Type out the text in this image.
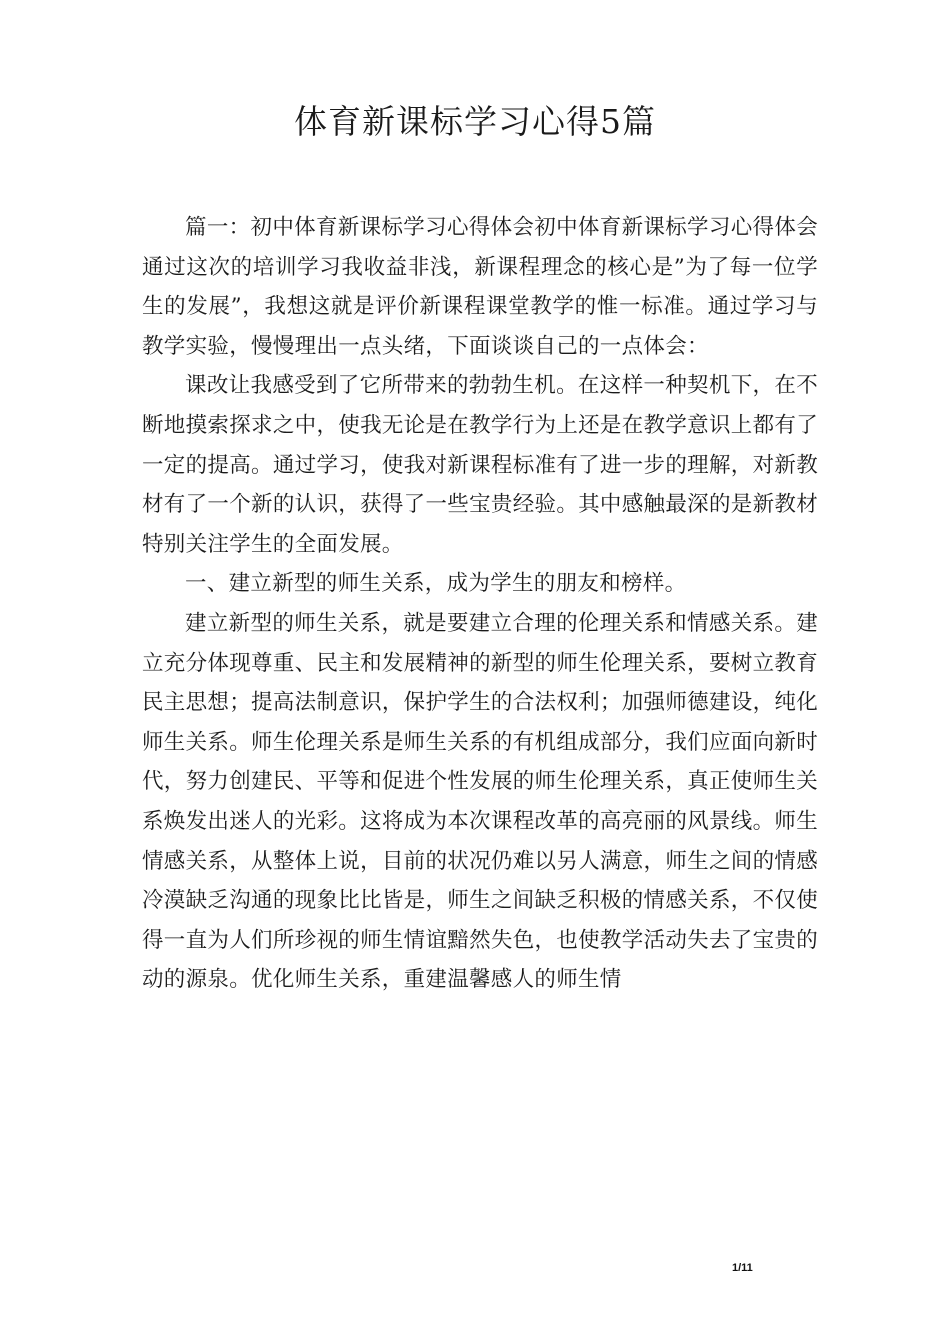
体育新课标学习心得5篇

篇一：初中体育新课标学习心得体会初中体育新课标学习心得体会通过这次的培训学习我收益非浅，新课程理念的核心是”为了每一位学生的发展”，我想这就是评价新课程课堂教学的惟一标准。通过学习与教学实验，慢慢理出一点头绪，下面谈谈自己的一点体会：

课改让我感受到了它所带来的勃勃生机。在这样一种契机下，在不断地摸索探求之中，使我无论是在教学行为上还是在教学意识上都有了一定的提高。通过学习，使我对新课程标准有了进一步的理解，对新教材有了一个新的认识，获得了一些宝贵经验。其中感触最深的是新教材特别关注学生的全面发展。

一、建立新型的师生关系，成为学生的朋友和榜样。

建立新型的师生关系，就是要建立合理的伦理关系和情感关系。建立充分体现尊重、民主和发展精神的新型的师生伦理关系，要树立教育民主思想；提高法制意识，保护学生的合法权利；加强师德建设，纯化师生关系。师生伦理关系是师生关系的有机组成部分，我们应面向新时代，努力创建民、平等和促进个性发展的师生伦理关系，真正使师生关系焕发出迷人的光彩。这将成为本次课程改革的高亮丽的风景线。师生情感关系，从整体上说，目前的状况仍难以另人满意，师生之间的情感冷漠缺乏沟通的现象比比皆是，师生之间缺乏积极的情感关系，不仅使得一直为人们所珍视的师生情谊黯然失色，也使教学活动失去了宝贵的动的源泉。优化师生关系，重建温馨感人的师生情

1/11
